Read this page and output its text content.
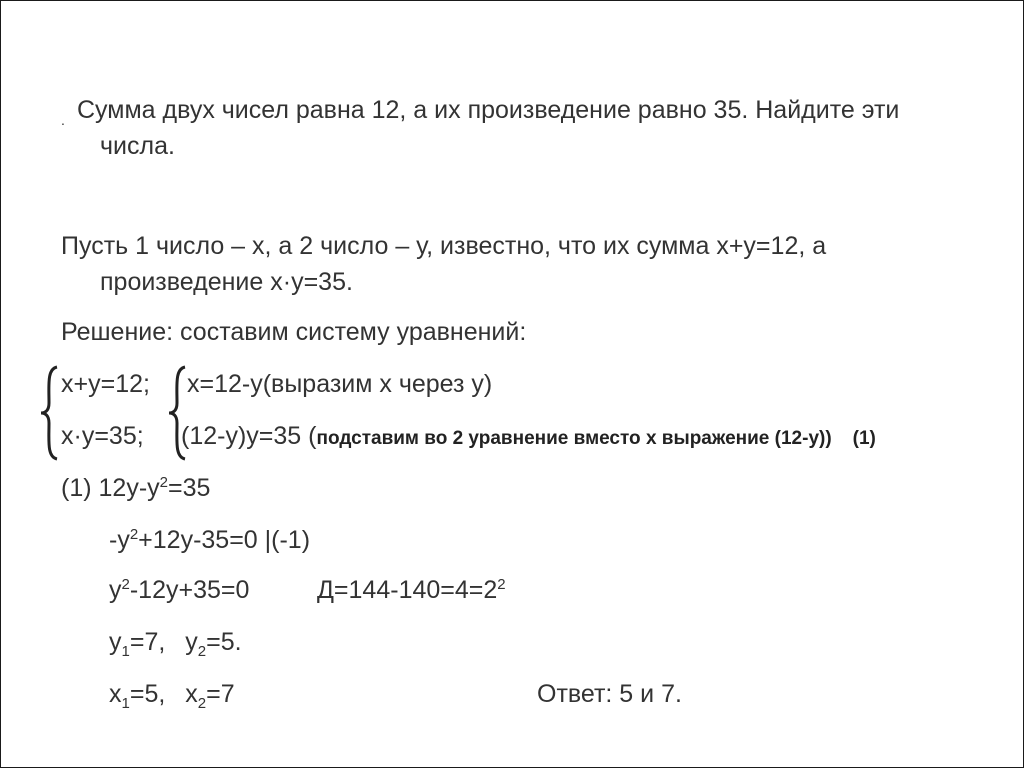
. Сумма двух чисел равна 12, а их произведение равно 35. Найдите эти
числа.
Пусть 1 число – х, а 2 число – у, известно, что их сумма х+у=12, а
произведение х·у=35.
Решение: составим систему уравнений:
х+у=12;
х·у=35;
х=12-у(выразим х через у)
(12-у)у=35 (подставим во 2 уравнение вместо х выражение (12-у)) (1)
(1) $12у-у^2=35$
$-у^2+12у-35=0$ |(-1)
$у^2-12у+35=0$	$Д=144-140=4=2^2$
$у_1=7$, $у_2=5$.
$х_1=5$, $х_2=7$	Ответ: 5 и 7.
